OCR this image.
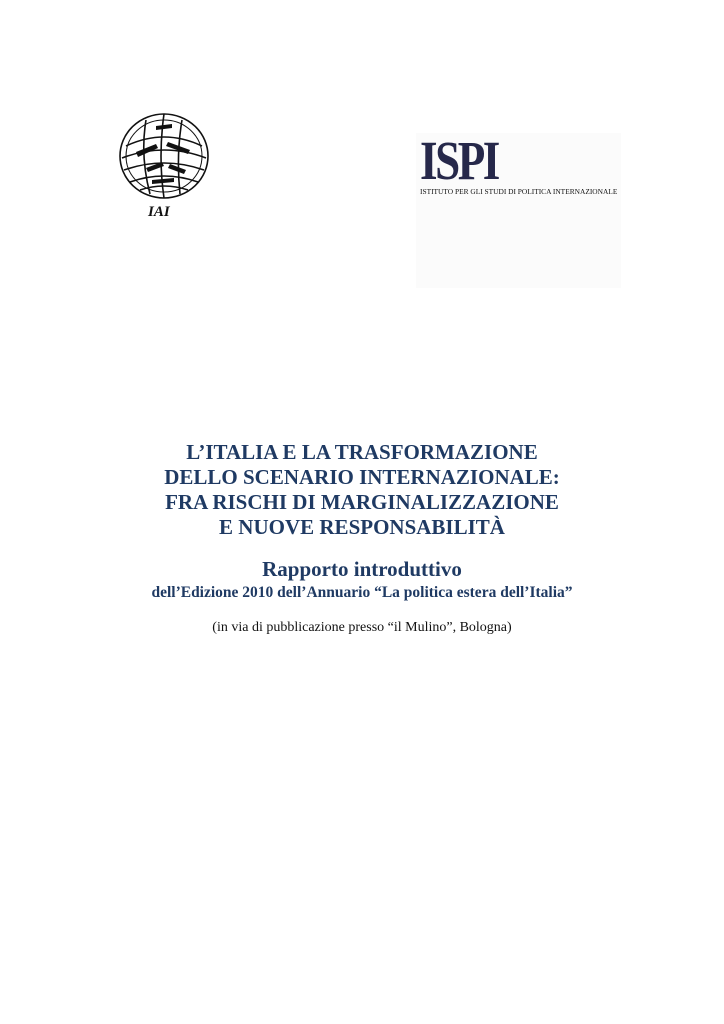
IAI
ISPI
ISTITUTO PER GLI STUDI DI POLITICA INTERNAZIONALE
L’ITALIA E LA TRASFORMAZIONE
DELLO SCENARIO INTERNAZIONALE:
FRA RISCHI DI MARGINALIZZAZIONE
E NUOVE RESPONSABILITÀ

Rapporto introduttivo

dell’Edizione 2010 dell’Annuario “La politica estera dell’Italia”

(in via di pubblicazione presso “il Mulino”, Bologna)
